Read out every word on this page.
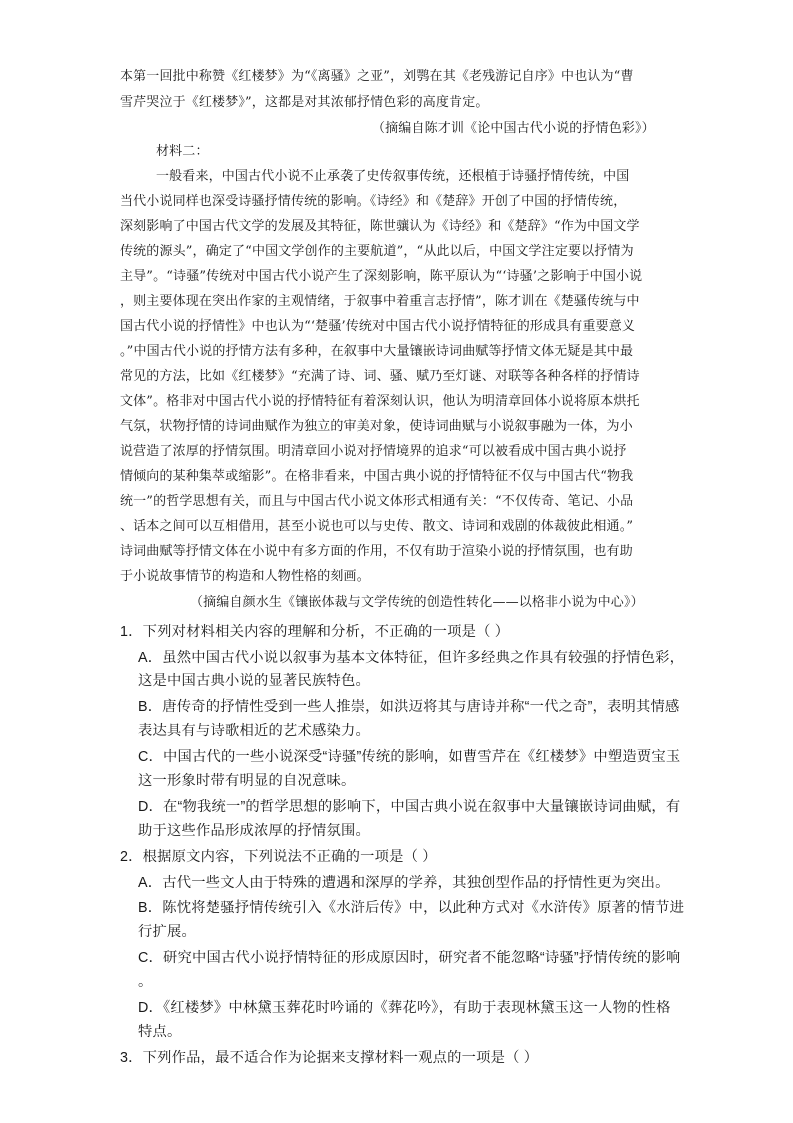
本第一回批中称赞《红楼梦》为“《离骚》之亚”，刘鹗在其《老残游记自序》中也认为“曹
雪芹哭泣于《红楼梦》”，这都是对其浓郁抒情色彩的高度肯定。
（摘编自陈才训《论中国古代小说的抒情色彩》）
材料二：
一般看来，中国古代小说不止承袭了史传叙事传统，还根植于诗骚抒情传统，中国
当代小说同样也深受诗骚抒情传统的影响。《诗经》和《楚辞》开创了中国的抒情传统，
深刻影响了中国古代文学的发展及其特征，陈世骧认为《诗经》和《楚辞》“作为中国文学
传统的源头”，确定了“中国文学创作的主要航道”，“从此以后，中国文学注定要以抒情为
主导”。“诗骚”传统对中国古代小说产生了深刻影响，陈平原认为“‘诗骚’之影响于中国小说
，则主要体现在突出作家的主观情绪，于叙事中着重言志抒情”，陈才训在《楚骚传统与中
国古代小说的抒情性》中也认为“‘楚骚’传统对中国古代小说抒情特征的形成具有重要意义
。”中国古代小说的抒情方法有多种，在叙事中大量镶嵌诗词曲赋等抒情文体无疑是其中最
常见的方法，比如《红楼梦》“充满了诗、词、骚、赋乃至灯谜、对联等各种各样的抒情诗
文体”。格非对中国古代小说的抒情特征有着深刻认识，他认为明清章回体小说将原本烘托
气氛，状物抒情的诗词曲赋作为独立的审美对象，使诗词曲赋与小说叙事融为一体，为小
说营造了浓厚的抒情氛围。明清章回小说对抒情境界的追求“可以被看成中国古典小说抒
情倾向的某种集萃或缩影”。在格非看来，中国古典小说的抒情特征不仅与中国古代“物我
统一”的哲学思想有关，而且与中国古代小说文体形式相通有关：“不仅传奇、笔记、小品
、话本之间可以互相借用，甚至小说也可以与史传、散文、诗词和戏剧的体裁彼此相通。”
诗词曲赋等抒情文体在小说中有多方面的作用，不仅有助于渲染小说的抒情氛围，也有助
于小说故事情节的构造和人物性格的刻画。
（摘编自颜水生《镶嵌体裁与文学传统的创造性转化——以格非小说为中心》）
1．下列对材料相关内容的理解和分析，不正确的一项是（ ）
A．虽然中国古代小说以叙事为基本文体特征，但许多经典之作具有较强的抒情色彩，
这是中国古典小说的显著民族特色。
B．唐传奇的抒情性受到一些人推崇，如洪迈将其与唐诗并称“一代之奇”，表明其情感
表达具有与诗歌相近的艺术感染力。
C．中国古代的一些小说深受“诗骚”传统的影响，如曹雪芹在《红楼梦》中塑造贾宝玉
这一形象时带有明显的自况意味。
D．在“物我统一”的哲学思想的影响下，中国古典小说在叙事中大量镶嵌诗词曲赋，有
助于这些作品形成浓厚的抒情氛围。
2．根据原文内容，下列说法不正确的一项是（ ）
A．古代一些文人由于特殊的遭遇和深厚的学养，其独创型作品的抒情性更为突出。
B．陈忱将楚骚抒情传统引入《水浒后传》中，以此种方式对《水浒传》原著的情节进
行扩展。
C．研究中国古代小说抒情特征的形成原因时，研究者不能忽略“诗骚”抒情传统的影响
。
D．《红楼梦》中林黛玉葬花时吟诵的《葬花吟》，有助于表现林黛玉这一人物的性格
特点。
3．下列作品，最不适合作为论据来支撑材料一观点的一项是（ ）
